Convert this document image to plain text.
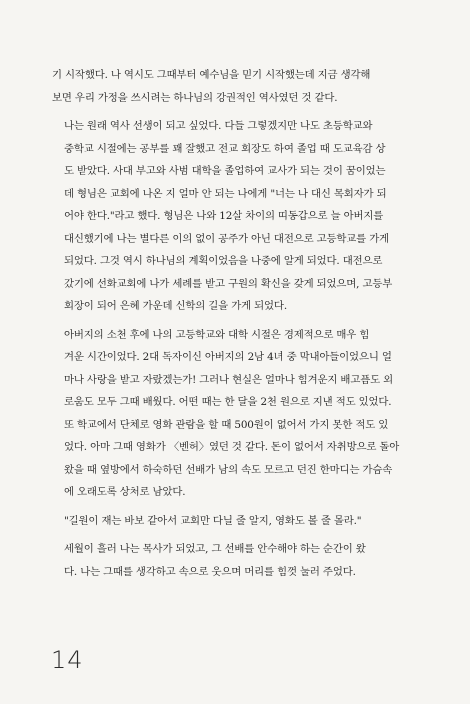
기 시작했다. 나 역시도 그때부터 예수님을 믿기 시작했는데 지금 생각해
보면 우리 가정을 쓰시려는 하나님의 강권적인 역사였던 것 같다.

나는 원래 역사 선생이 되고 싶었다. 다들 그렇겠지만 나도 초등학교와
중학교 시절에는 공부를 꽤 잘했고 전교 회장도 하여 졸업 때 도교육감 상
도 받았다. 사대 부고와 사범 대학을 졸업하여 교사가 되는 것이 꿈이었는
데 형님은 교회에 나온 지 얼마 안 되는 나에게 "너는 나 대신 목회자가 되
어야 한다."라고 했다. 형님은 나와 12살 차이의 띠동갑으로 늘 아버지를
대신했기에 나는 별다른 이의 없이 공주가 아닌 대전으로 고등학교를 가게
되었다. 그것 역시 하나님의 계획이었음을 나중에 알게 되었다. 대전으로
갔기에 선화교회에 나가 세례를 받고 구원의 확신을 갖게 되었으며, 고등부
회장이 되어 은혜 가운데 신학의 길을 가게 되었다.

아버지의 소천 후에 나의 고등학교와 대학 시절은 경제적으로 매우 힘
겨운 시간이었다. 2대 독자이신 아버지의 2남 4녀 중 막내아들이었으니 얼
마나 사랑을 받고 자랐겠는가! 그러나 현실은 얼마나 힘겨운지 배고픔도 외
로움도 모두 그때 배웠다. 어떤 때는 한 달을 2천 원으로 지낸 적도 있었다.
또 학교에서 단체로 영화 관람을 할 때 500원이 없어서 가지 못한 적도 있
었다. 아마 그때 영화가 〈벤허〉였던 것 같다. 돈이 없어서 자취방으로 돌아
왔을 때 옆방에서 하숙하던 선배가 남의 속도 모르고 던진 한마디는 가슴속
에 오래도록 상처로 남았다.

"길원이 재는 바보 같아서 교회만 다닐 줄 알지, 영화도 볼 줄 몰라."

세월이 흘러 나는 목사가 되었고, 그 선배를 안수해야 하는 순간이 왔
다. 나는 그때를 생각하고 속으로 웃으며 머리를 힘껏 눌러 주었다.

14
